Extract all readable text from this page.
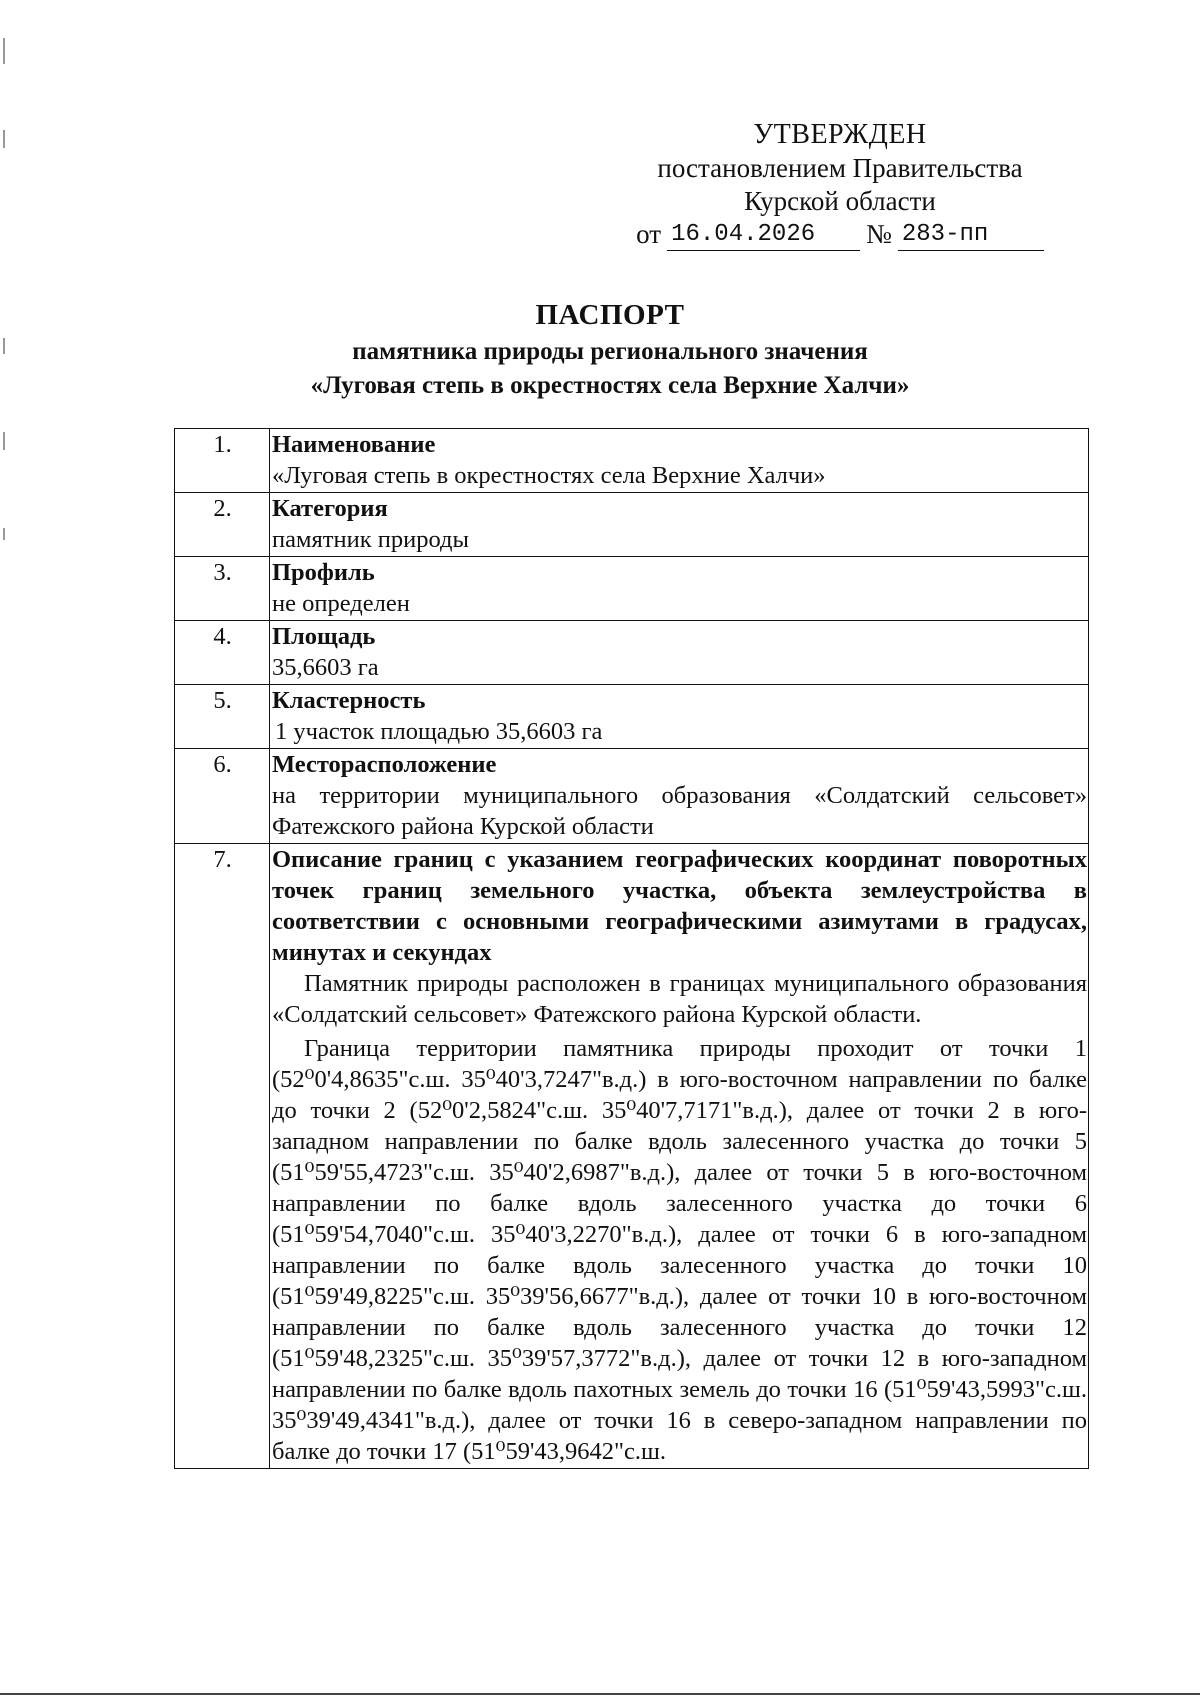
УТВЕРЖДЕН
постановлением Правительства
Курской области
от 16.04.2026	№ 283-пп
ПАСПОРТ
памятника природы регионального значения
«Луговая степь в окрестностях села Верхние Халчи»
1.	Наименование
«Луговая степь в окрестностях села Верхние Халчи»

2.	Категория
памятник природы

3.	Профиль
не определен

4.	Площадь
35,6603 га

5.	Кластерность
1 участок площадью 35,6603 га

6.	Месторасположение
на территории муниципального образования «Солдатский сельсовет» Фатежского района Курской области

7.	Описание границ с указанием географических координат поворотных точек границ земельного участка, объекта землеустройства в соответствии с основными географическими азимутами в градусах, минутах и секундах
Памятник природы расположен в границах муниципального образования «Солдатский сельсовет» Фатежского района Курской области.
Граница территории памятника природы проходит от точки 1 (52⁰0'4,8635"с.ш. 35⁰40'3,7247"в.д.) в юго-восточном направлении по балке до точки 2 (52⁰0'2,5824"с.ш. 35⁰40'7,7171"в.д.), далее от точки 2 в юго-западном направлении по балке вдоль залесенного участка до точки 5 (51⁰59'55,4723"с.ш. 35⁰40'2,6987"в.д.), далее от точки 5 в юго-восточном направлении по балке вдоль залесенного участка до точки 6 (51⁰59'54,7040"с.ш. 35⁰40'3,2270"в.д.), далее от точки 6 в юго-западном направлении по балке вдоль залесенного участка до точки 10 (51⁰59'49,8225"с.ш. 35⁰39'56,6677"в.д.), далее от точки 10 в юго-восточном направлении по балке вдоль залесенного участка до точки 12 (51⁰59'48,2325"с.ш. 35⁰39'57,3772"в.д.), далее от точки 12 в юго-западном направлении по балке вдоль пахотных земель до точки 16 (51⁰59'43,5993"с.ш. 35⁰39'49,4341"в.д.), далее от точки 16 в северо-западном направлении по балке до точки 17 (51⁰59'43,9642"с.ш.
